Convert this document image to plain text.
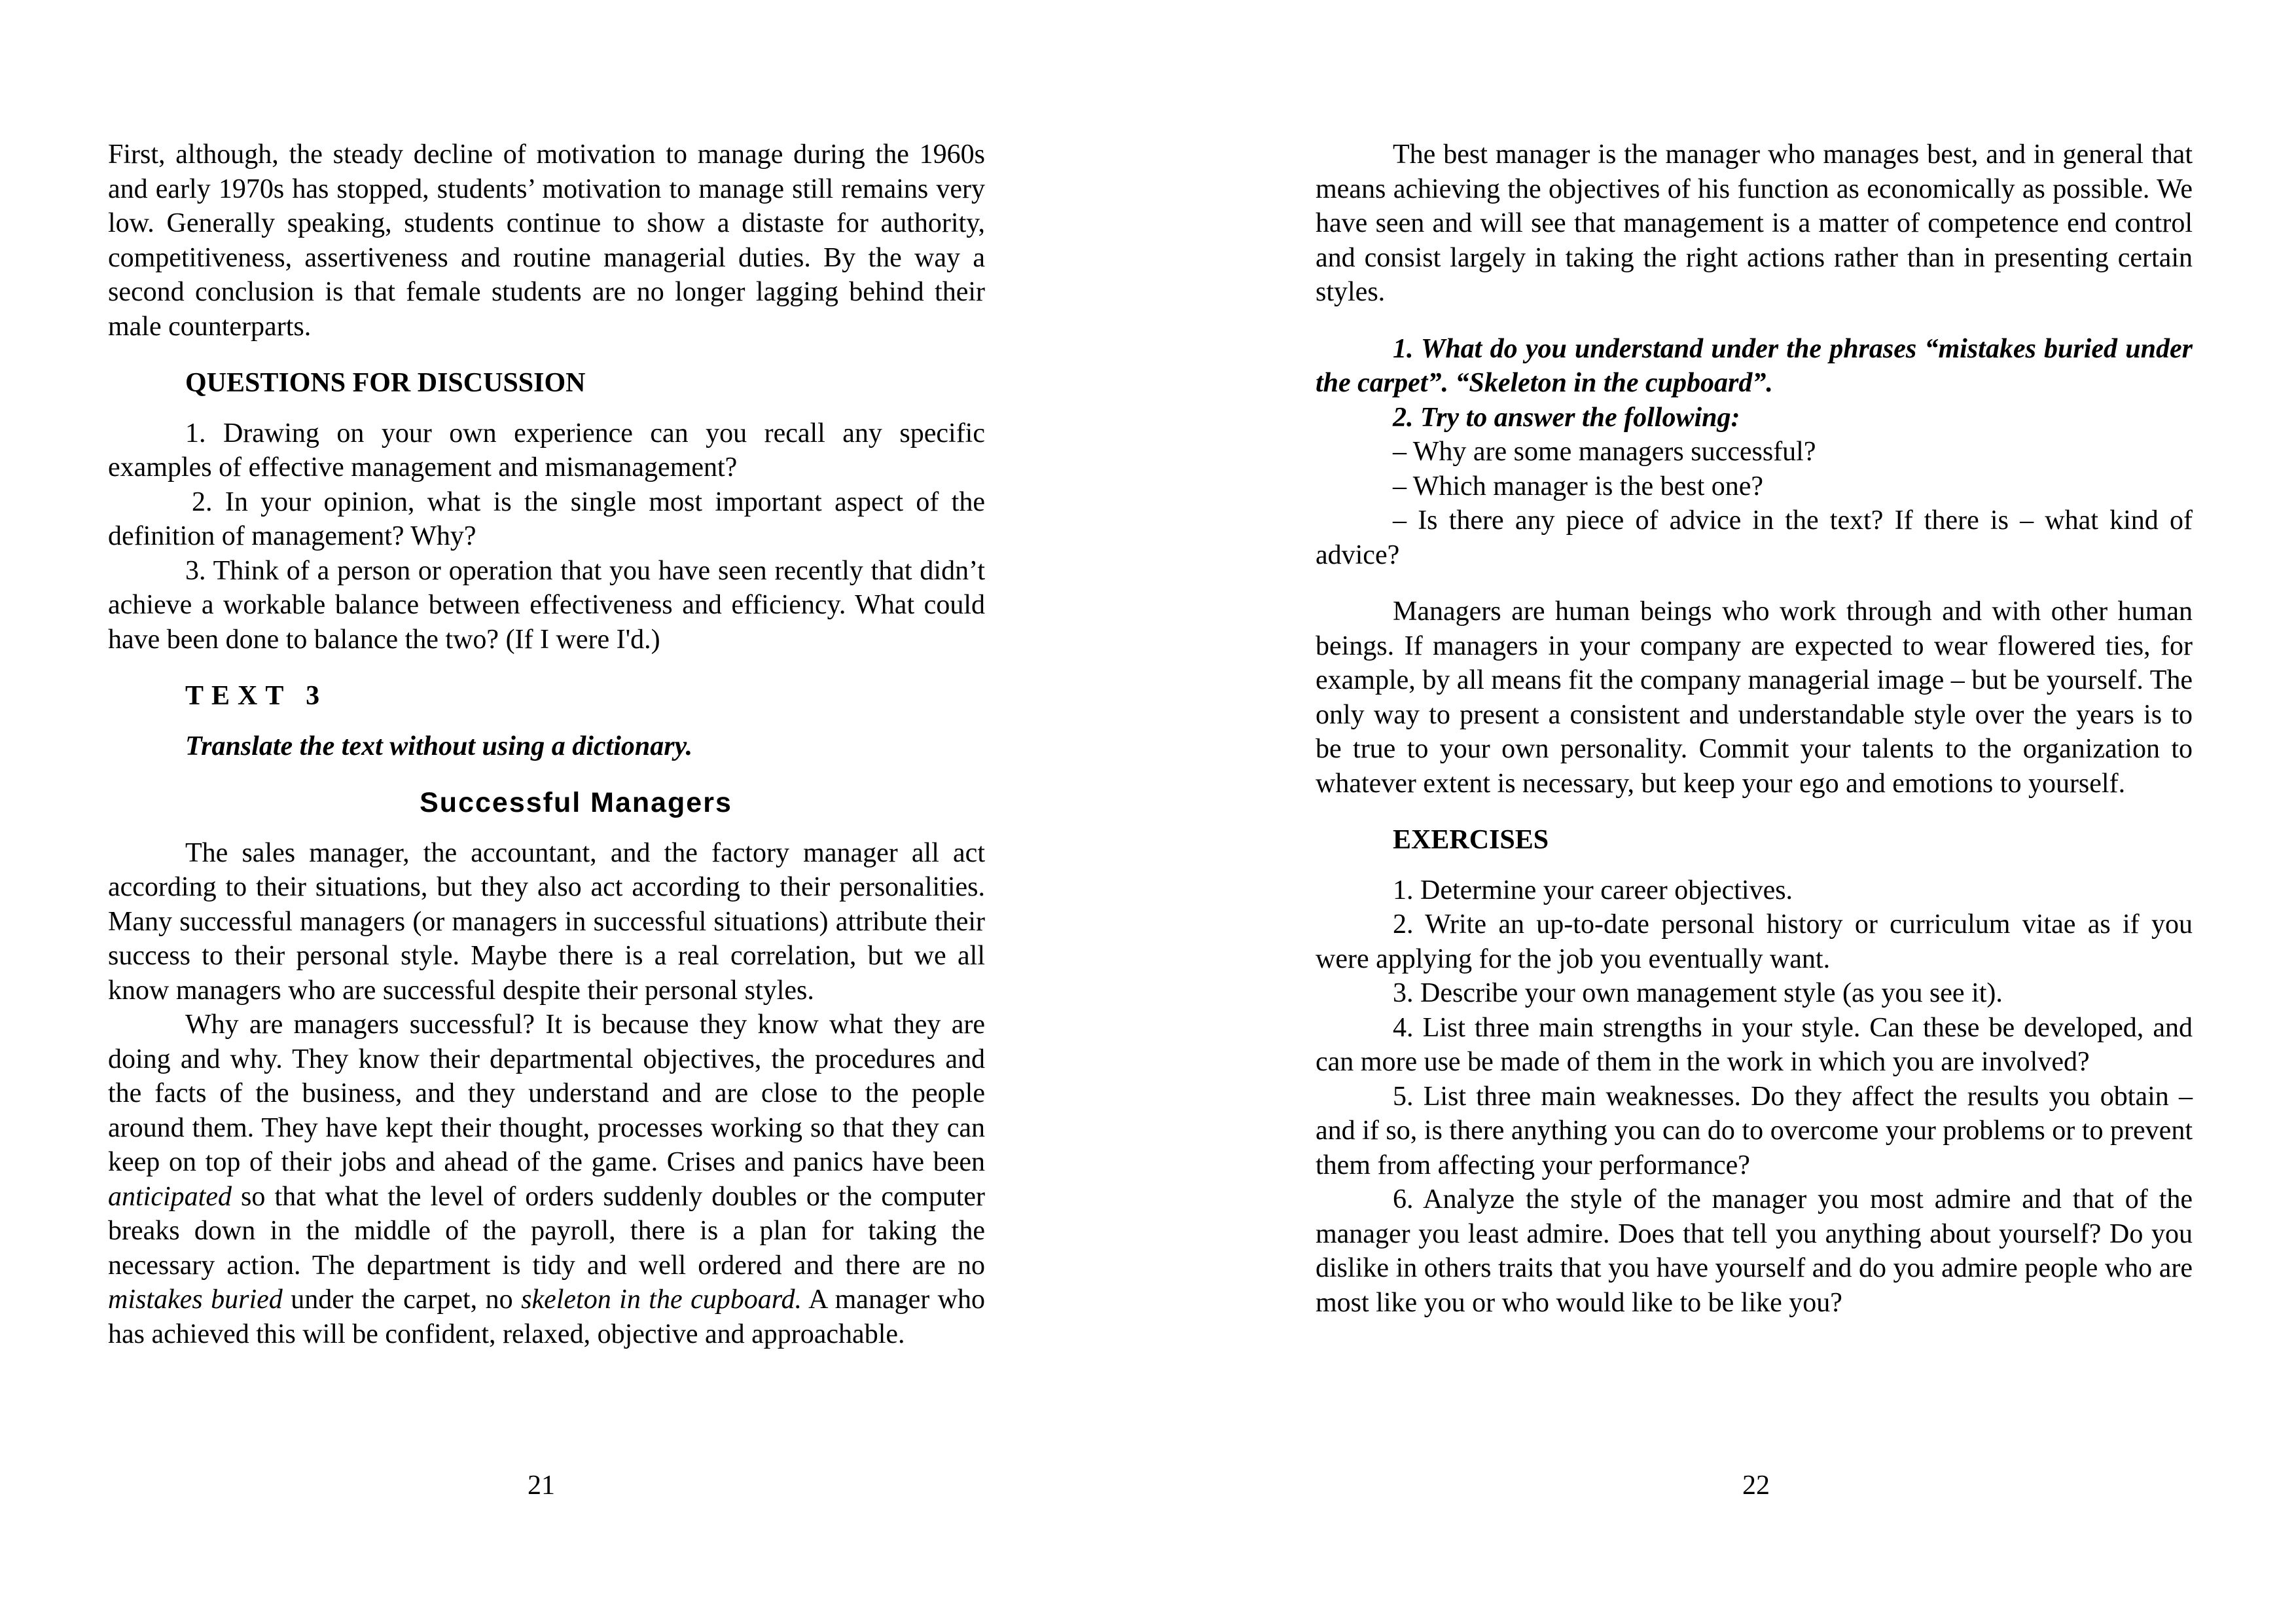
First, although, the steady decline of motivation to manage during the 1960s and early 1970s has stopped, students’ motivation to manage still remains very low. Generally speaking, students continue to show a distaste for authority, competitiveness, assertiveness and routine managerial duties. By the way a second conclusion is that female students are no longer lagging behind their male counterparts.

QUESTIONS FOR DISCUSSION

1. Drawing on your own experience can you recall any specific examples of effective management and mismanagement?

2. In your opinion, what is the single most important aspect of the definition of management? Why?

3. Think of a person or operation that you have seen recently that didn’t achieve a workable balance between effectiveness and efficiency. What could have been done to balance the two? (If I were I'd.)

TEXT 3

Translate the text without using a dictionary.

Successful Managers

The sales manager, the accountant, and the factory manager all act according to their situations, but they also act according to their personalities. Many successful managers (or managers in successful situations) attribute their success to their personal style. Maybe there is a real correlation, but we all know managers who are successful despite their personal styles.

Why are managers successful? It is because they know what they are doing and why. They know their departmental objectives, the procedures and the facts of the business, and they understand and are close to the people around them. They have kept their thought, processes working so that they can keep on top of their jobs and ahead of the game. Crises and panics have been anticipated so that what the level of orders suddenly doubles or the computer breaks down in the middle of the payroll, there is a plan for taking the necessary action. The department is tidy and well ordered and there are no mistakes buried under the carpet, no skeleton in the cupboard. A manager who has achieved this will be confident, relaxed, objective and approachable.

21

The best manager is the manager who manages best, and in general that means achieving the objectives of his function as economically as possible. We have seen and will see that management is a matter of competence end control and consist largely in taking the right actions rather than in presenting certain styles.

1. What do you understand under the phrases “mistakes buried under the carpet”. “Skeleton in the cupboard”.

2. Try to answer the following:

– Why are some managers successful?

– Which manager is the best one?

– Is there any piece of advice in the text? If there is – what kind of advice?

Managers are human beings who work through and with other human beings. If managers in your company are expected to wear flowered ties, for example, by all means fit the company managerial image – but be yourself. The only way to present a consistent and understandable style over the years is to be true to your own personality. Commit your talents to the organization to whatever extent is necessary, but keep your ego and emotions to yourself.

EXERCISES

1. Determine your career objectives.

2. Write an up-to-date personal history or curriculum vitae as if you were applying for the job you eventually want.

3. Describe your own management style (as you see it).

4. List three main strengths in your style. Can these be developed, and can more use be made of them in the work in which you are involved?

5. List three main weaknesses. Do they affect the results you obtain – and if so, is there anything you can do to overcome your problems or to prevent them from affecting your performance?

6. Analyze the style of the manager you most admire and that of the manager you least admire. Does that tell you anything about yourself? Do you dislike in others traits that you have yourself and do you admire people who are most like you or who would like to be like you?

22
